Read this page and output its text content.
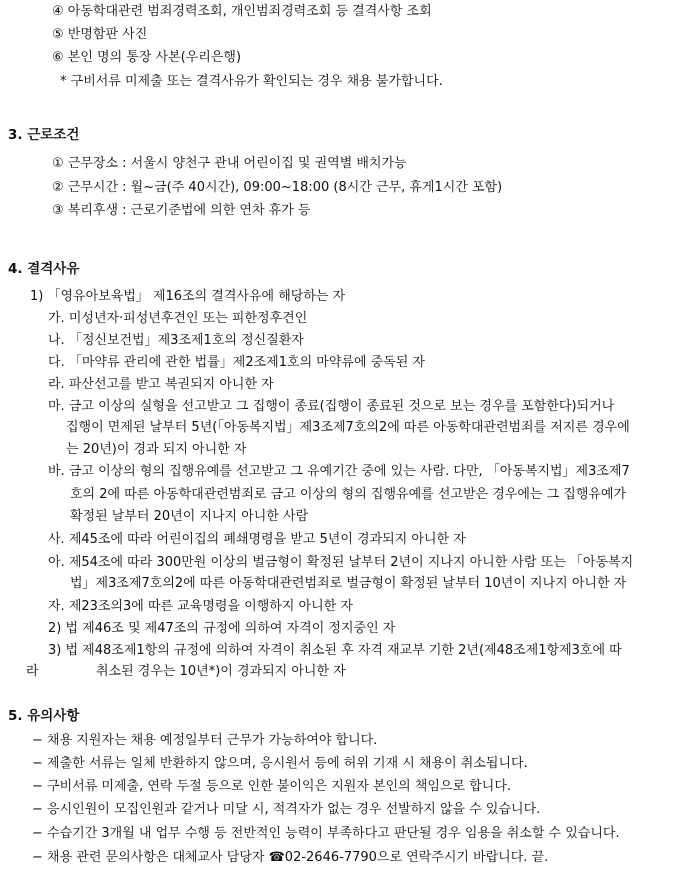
④ 아동학대관련 범죄경력조회, 개인범죄경력조회 등 결격사항 조회
⑤ 반명함판 사진
⑥ 본인 명의 통장 사본(우리은행)
* 구비서류 미제출 또는 결격사유가 확인되는 경우 채용 불가합니다.
3. 근로조건
① 근무장소 : 서울시 양천구 관내 어린이집 및 권역별 배치가능
② 근무시간 : 월~금(주 40시간), 09:00~18:00 (8시간 근무, 휴게1시간 포함)
③ 복리후생 : 근로기준법에 의한 연차 휴가 등
4. 결격사유
1) 「영유아보육법」 제16조의 결격사유에 해당하는 자
가. 미성년자·피성년후견인 또는 피한정후견인
나. 「정신보건법」제3조제1호의 정신질환자
다. 「마약류 관리에 관한 법률」제2조제1호의 마약류에 중독된 자
라. 파산선고를 받고 복권되지 아니한 자
마. 금고 이상의 실형을 선고받고 그 집행이 종료(집행이 종료된 것으로 보는 경우를 포함한다)되거나
집행이 면제된 날부터 5년(「아동복지법」제3조제7호의2에 따른 아동학대관련범죄를 저지른 경우에
는 20년)이 경과 되지 아니한 자
바. 금고 이상의 형의 집행유예를 선고받고 그 유예기간 중에 있는 사람. 다만, 「아동복지법」제3조제7
호의 2에 따른 아동학대관련범죄로 금고 이상의 형의 집행유예를 선고받은 경우에는 그 집행유예가
확정된 날부터 20년이 지나지 아니한 사람
사. 제45조에 따라 어린이집의 폐쇄명령을 받고 5년이 경과되지 아니한 자
아. 제54조에 따라 300만원 이상의 벌금형이 확정된 날부터 2년이 지나지 아니한 사람 또는 「아동복지
법」제3조제7호의2에 따른 아동학대관련범죄로 벌금형이 확정된 날부터 10년이 지나지 아니한 자
자. 제23조의3에 따른 교육명령을 이행하지 아니한 자
2) 법 제46조 및 제47조의 규정에 의하여 자격이 정지중인 자
3) 법 제48조제1항의 규정에 의하여 자격이 취소된 후 자격 재교부 기한 2년(제48조제1항제3호에 따
라	취소된 경우는 10년*)이 경과되지 아니한 자
5. 유의사항
− 채용 지원자는 채용 예정일부터 근무가 가능하여야 합니다.
− 제출한 서류는 일체 반환하지 않으며, 응시원서 등에 허위 기재 시 채용이 취소됩니다.
− 구비서류 미제출, 연락 두절 등으로 인한 불이익은 지원자 본인의 책임으로 합니다.
− 응시인원이 모집인원과 같거나 미달 시, 적격자가 없는 경우 선발하지 않을 수 있습니다.
− 수습기간 3개월 내 업무 수행 등 전반적인 능력이 부족하다고 판단될 경우 임용을 취소할 수 있습니다.
− 채용 관련 문의사항은 대체교사 담당자 ☎02-2646-7790으로 연락주시기 바랍니다. 끝.
